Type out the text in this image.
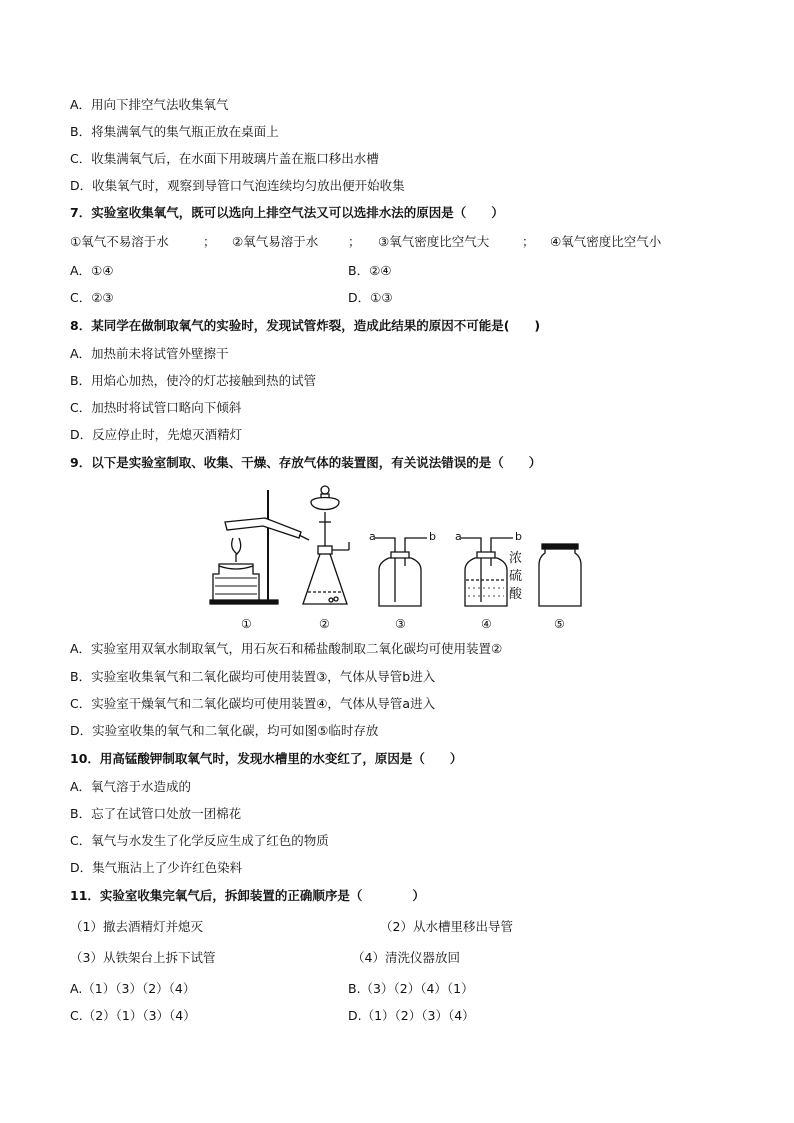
A．用向下排空气法收集氧气
B．将集满氧气的集气瓶正放在桌面上
C．收集满氧气后，在水面下用玻璃片盖在瓶口移出水槽
D．收集氧气时，观察到导管口气泡连续均匀放出便开始收集
7．实验室收集氧气，既可以选向上排空气法又可以选排水法的原因是（　　）
①氧气不易溶于水	； ②氧气易溶于水 ； ③氧气密度比空气大	； ④氧气密度比空气小
A．①④	B．②④
C．②③	D．①③
8．某同学在做制取氧气的实验时，发现试管炸裂，造成此结果的原因不可能是(　　)
A．加热前未将试管外壁擦干
B．用焰心加热，使冷的灯芯接触到热的试管
C．加热时将试管口略向下倾斜
D．反应停止时，先熄灭酒精灯
9．以下是实验室制取、收集、干燥、存放气体的装置图，有关说法错误的是（　　）
①	②
a	b
③
a	b
浓
硫
酸
④	⑤
A．实验室用双氧水制取氧气，用石灰石和稀盐酸制取二氧化碳均可使用装置②
B．实验室收集氧气和二氧化碳均可使用装置③，气体从导管b进入
C．实验室干燥氧气和二氧化碳均可使用装置④，气体从导管a进入
D．实验室收集的氧气和二氧化碳，均可如图⑤临时存放
10．用高锰酸钾制取氧气时，发现水槽里的水变红了，原因是（　　）
A．氧气溶于水造成的
B．忘了在试管口处放一团棉花
C．氧气与水发生了化学反应生成了红色的物质
D．集气瓶沾上了少许红色染料
11．实验室收集完氧气后，拆卸装置的正确顺序是（　　　　）
（1）撤去酒精灯并熄灭	（2）从水槽里移出导管
（3）从铁架台上拆下试管	（4）清洗仪器放回
A.（1）（3）（2）（4）	B.（3）（2）（4）（1）
C.（2）（1）（3）（4）	D.（1）（2）（3）（4）
